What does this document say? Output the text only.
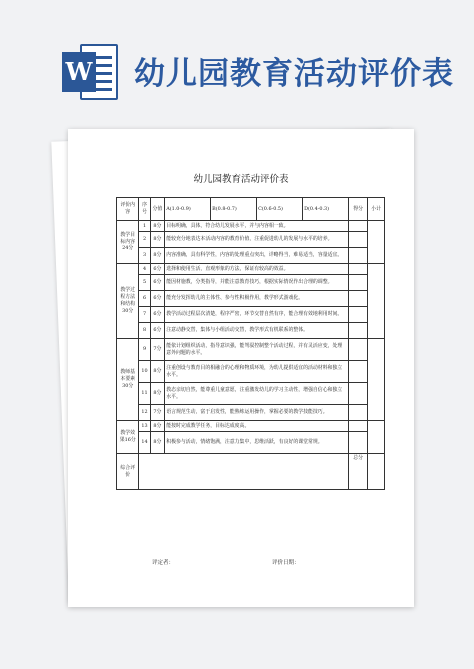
W 幼儿园教育活动评价表
幼儿园教育活动评价表
评价内容	序号	分值	A(1.0-0.9)	B(0.8-0.7)	C(0.6-0.5)	D(0.4-0.3)	得分	小计
教学目标内容24分	1	8分	目标明确，具体，符合幼儿发展水平，并与内容相一致。					
	2	8分	能较充分地表达本活动内容的教育价值，注重促进幼儿的发展与水平的培养。					
	3	8分	内容准确，具有科学性，内容的处理重点突出，详略得当，难易适当，容量适宜。					
教学过程方法和结构30分	4	6分	选择和使用生活，直观形象的方法，保证有较高的效益。					
	5	6分	能因材施教，分类指导，并能注意教育技巧，根据实际情况作出合理的调整。					
	6	6分	能充分发挥幼儿的主体性、参与性积极作用，教学形式游戏化。					
	7	6分	教学活动过程层次清楚，程序严密，环节交替自然有序，能合理有效地利用时间。					
	8	6分	注意动静交替，集体与小组活动交替，教学形式有机联系的整体。					
教师基本要素30分	9	7分	能依计划组织活动，指导意识强，能驾驭控制整个活动过程，并有灵活应变，处理意外问题的水平。					
	10	8分	注重创设与教育目的相融合的心理和物质环境，为幼儿提供适宜的活动材料和独立水平。					
	11	8分	教态亲切自然，能尊重儿童意愿，注重激发幼儿的学习主动性，增强自信心和独立水平。					
	12	7分	语言规范生动，富于启发性，能熟练运用操作，掌握必要的教学技能技巧。					
教学效果16分	13	8分	能按时完成教学任务，目标达成度高。					
	14	8分	积极参与活动，情绪饱满，注意力集中，思维活跃，有良好的课堂常规。					
综合评价							总分	
评定者：	评价日期：
